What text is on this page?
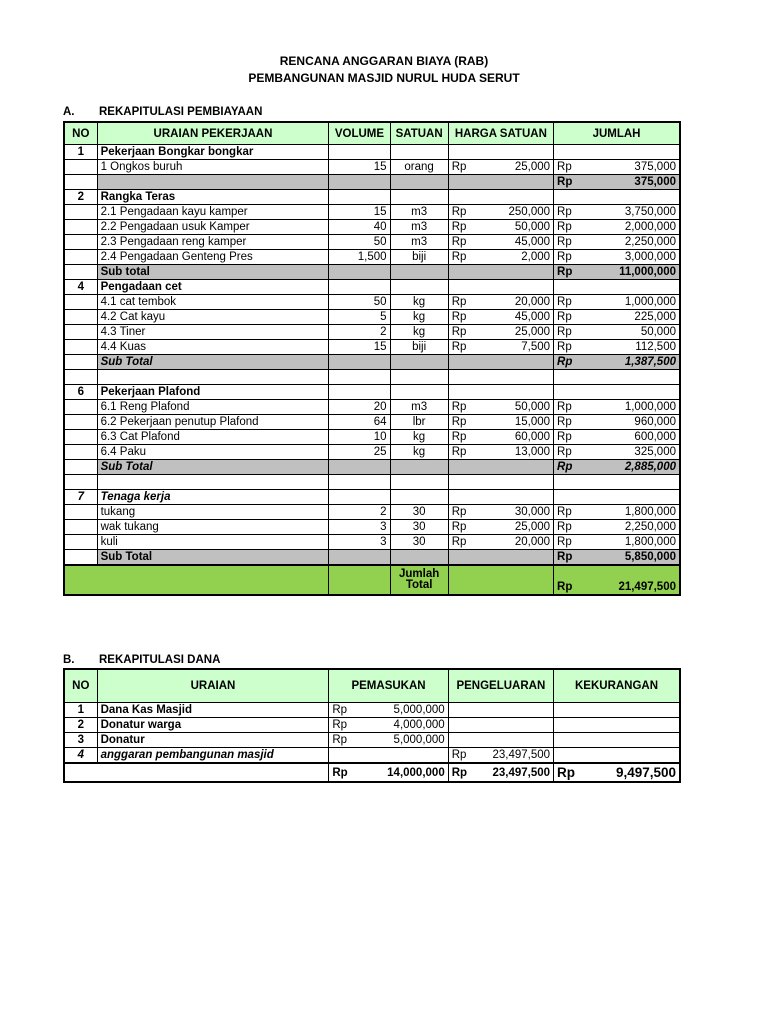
RENCANA ANGGARAN BIAYA (RAB)
PEMBANGUNAN MASJID NURUL HUDA SERUT
A. REKAPITULASI PEMBIAYAAN
NO	URAIAN PEKERJAAN	VOLUME	SATUAN	HARGA SATUAN	JUMLAH
1	Pekerjaan Bongkar bongkar				
	1 Ongkos buruh	15	orang	Rp 25,000	Rp 375,000

					Rp 375,000

2	Rangka Teras				
	2.1 Pengadaan kayu kamper	15	m3	Rp 250,000	Rp 3,750,000

	2.2 Pengadaan usuk Kamper	40	m3	Rp 50,000	Rp 2,000,000

	2.3 Pengadaan reng kamper	50	m3	Rp 45,000	Rp 2,250,000

	2.4 Pengadaan Genteng Pres	1,500	biji	Rp 2,000	Rp 3,000,000

	Sub total				Rp 11,000,000

4	Pengadaan cet				
	4.1 cat tembok	50	kg	Rp 20,000	Rp 1,000,000

	4.2 Cat kayu	5	kg	Rp 45,000	Rp 225,000

	4.3 Tiner	2	kg	Rp 25,000	Rp 50,000

	4.4 Kuas	15	biji	Rp 7,500	Rp 112,500

	Sub Total				Rp 1,387,500

6	Pekerjaan Plafond				
	6.1 Reng Plafond	20	m3	Rp 50,000	Rp 1,000,000

	6.2 Pekerjaan penutup Plafond	64	lbr	Rp 15,000	Rp 960,000

	6.3 Cat Plafond	10	kg	Rp 60,000	Rp 600,000

	6.4 Paku	25	kg	Rp 13,000	Rp 325,000

	Sub Total				Rp 2,885,000

7	Tenaga kerja				
	tukang	2	30	Rp 30,000	Rp 1,800,000

	wak tukang	3	30	Rp 25,000	Rp 2,250,000

	kuli	3	30	Rp 20,000	Rp 1,800,000

	Sub Total				Rp 5,850,000

			Jumlah Total		Rp 21,497,500
B. REKAPITULASI DANA
NO	URAIAN	PEMASUKAN	PENGELUARAN	KEKURANGAN
1	Dana Kas Masjid	Rp 5,000,000		

2	Donatur warga	Rp 4,000,000		

3	Donatur	Rp 5,000,000		

4	anggaran pembangunan masjid		Rp 23,497,500	

		Rp 14,000,000	Rp 23,497,500	Rp 9,497,500
